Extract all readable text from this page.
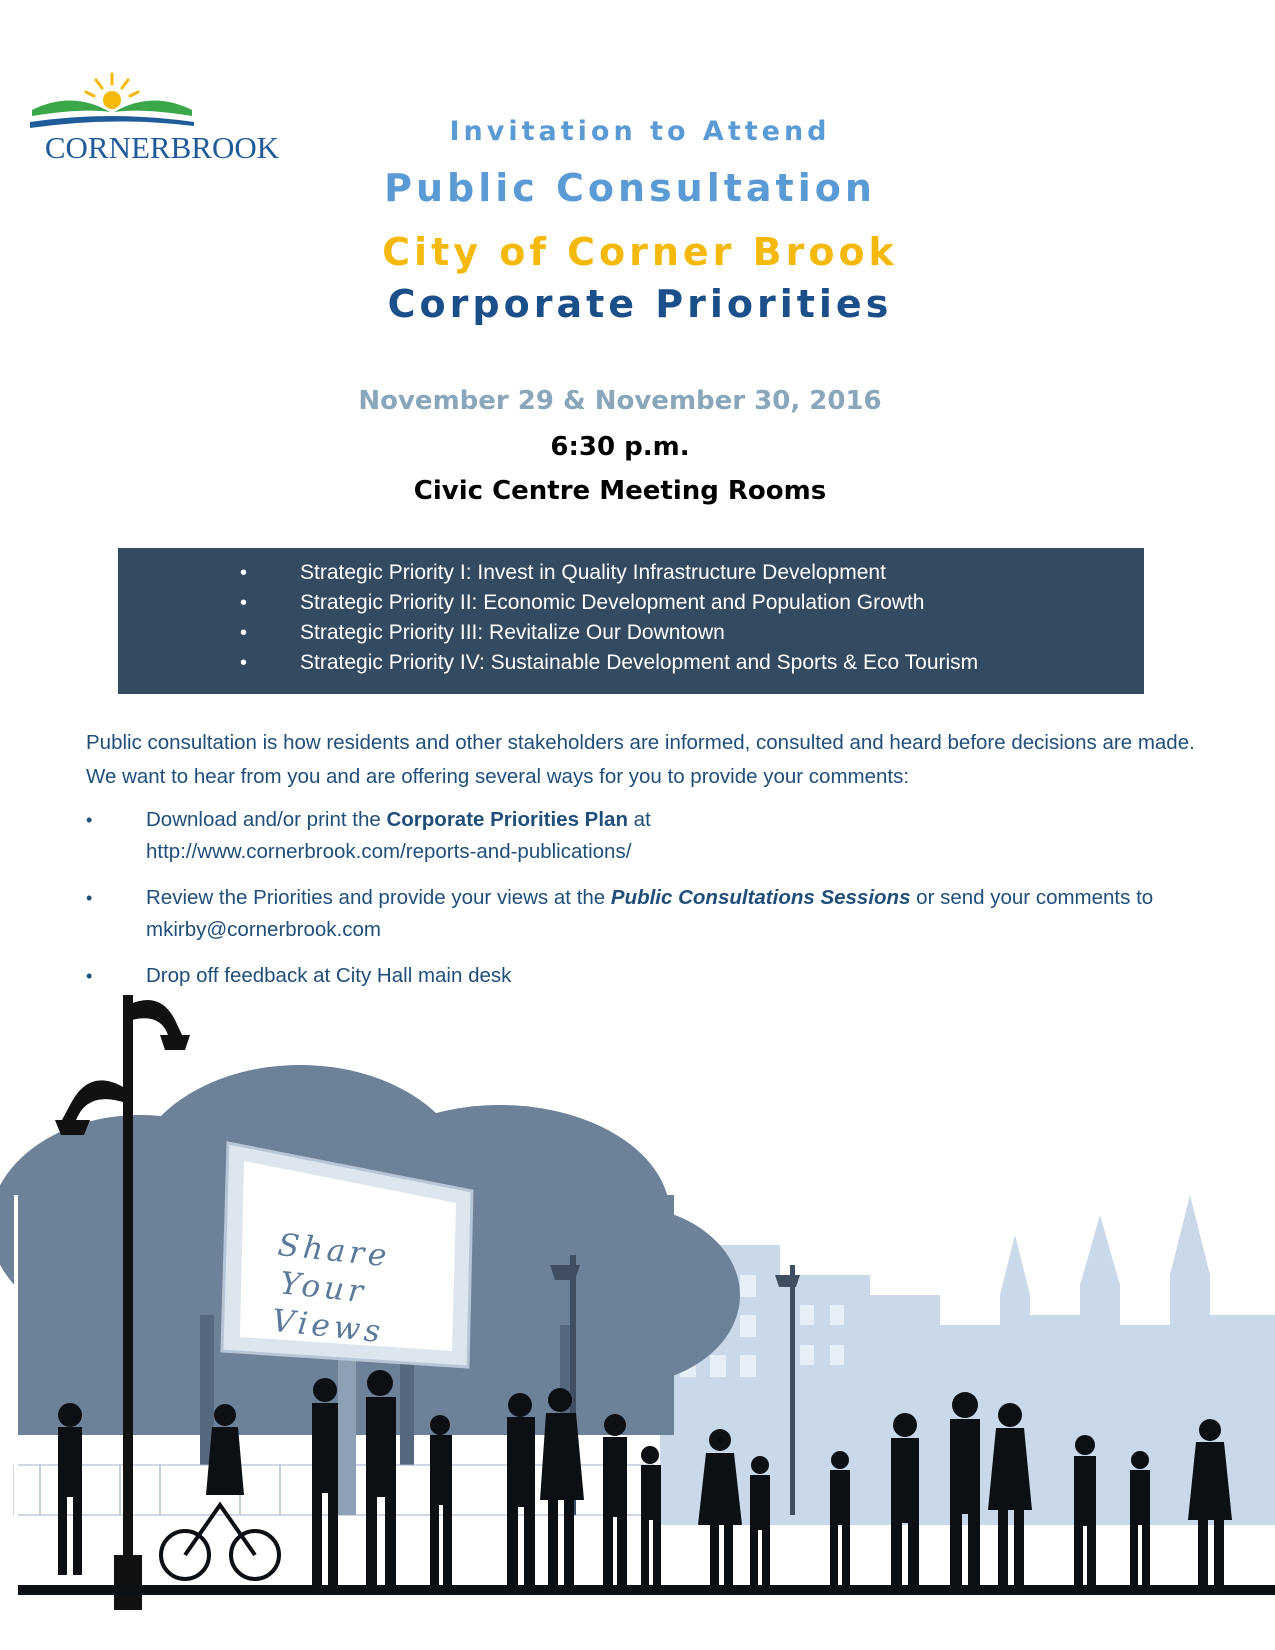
CORNERBROOK	Invitation to Attend
Public Consultation
City of Corner Brook
Corporate Priorities
November 29 & November 30, 2016
6:30 p.m.
Civic Centre Meeting Rooms
•	Strategic Priority I: Invest in Quality Infrastructure Development
•	Strategic Priority II: Economic Development and Population Growth
•	Strategic Priority III: Revitalize Our Downtown
•	Strategic Priority IV: Sustainable Development and Sports & Eco Tourism
Public consultation is how residents and other stakeholders are informed, consulted and heard before decisions are made. We want to hear from you and are offering several ways for you to provide your comments:
•	Download and/or print the Corporate Priorities Plan at
http://www.cornerbrook.com/reports-and-publications/
•	Review the Priorities and provide your views at the Public Consultations Sessions or send your comments to
mkirby@cornerbrook.com
•	Drop off feedback at City Hall main desk
Share
Your
Views
